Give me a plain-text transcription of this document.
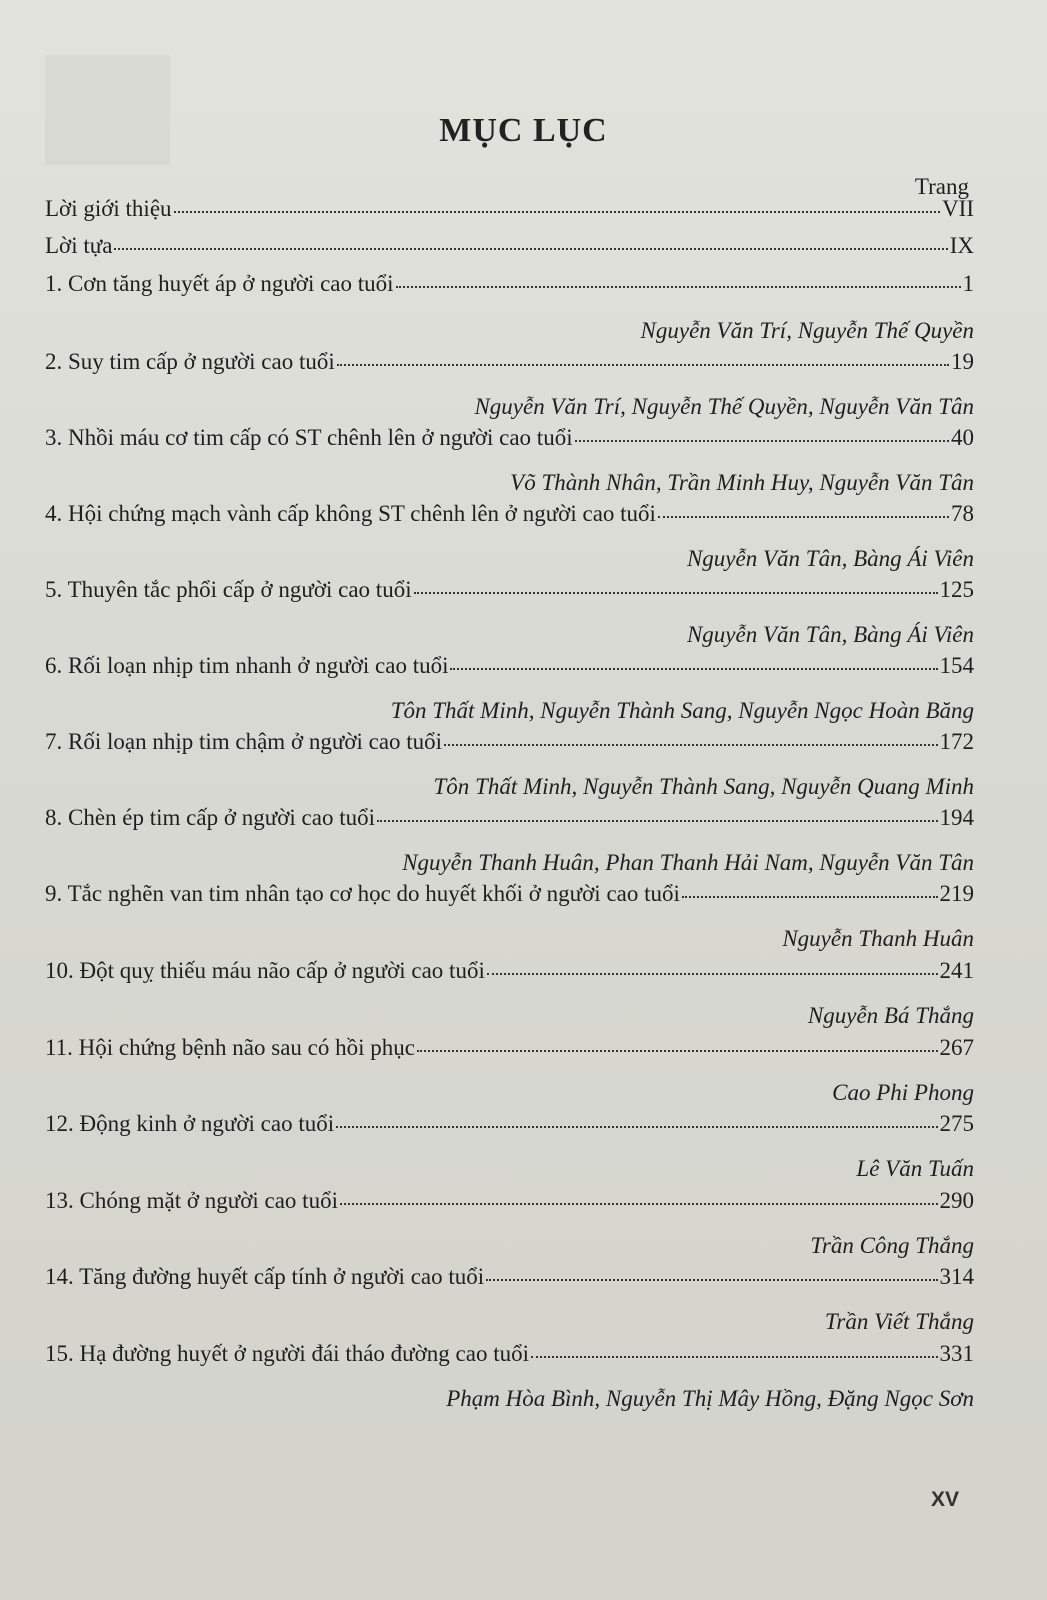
MỤC LỤC
Trang
Lời giới thiệu	VII
Lời tựa	IX
1. Cơn tăng huyết áp ở người cao tuổi	1
Nguyễn Văn Trí, Nguyễn Thế Quyền
2. Suy tim cấp ở người cao tuổi	19
Nguyễn Văn Trí, Nguyễn Thế Quyền, Nguyễn Văn Tân
3. Nhồi máu cơ tim cấp có ST chênh lên ở người cao tuổi	40
Võ Thành Nhân, Trần Minh Huy, Nguyễn Văn Tân
4. Hội chứng mạch vành cấp không ST chênh lên ở người cao tuổi	78
Nguyễn Văn Tân, Bàng Ái Viên
5. Thuyên tắc phổi cấp ở người cao tuổi	125
Nguyễn Văn Tân, Bàng Ái Viên
6. Rối loạn nhịp tim nhanh ở người cao tuổi	154
Tôn Thất Minh, Nguyễn Thành Sang, Nguyễn Ngọc Hoàn Băng
7. Rối loạn nhịp tim chậm ở người cao tuổi	172
Tôn Thất Minh, Nguyễn Thành Sang, Nguyễn Quang Minh
8. Chèn ép tim cấp ở người cao tuổi	194
Nguyễn Thanh Huân, Phan Thanh Hải Nam, Nguyễn Văn Tân
9. Tắc nghẽn van tim nhân tạo cơ học do huyết khối ở người cao tuổi	219
Nguyễn Thanh Huân
10. Đột quỵ thiếu máu não cấp ở người cao tuổi	241
Nguyễn Bá Thắng
11. Hội chứng bệnh não sau có hồi phục	267
Cao Phi Phong
12. Động kinh ở người cao tuổi	275
Lê Văn Tuấn
13. Chóng mặt ở người cao tuổi	290
Trần Công Thắng
14. Tăng đường huyết cấp tính ở người cao tuổi	314
Trần Viết Thắng
15. Hạ đường huyết ở người đái tháo đường cao tuổi	331
Phạm Hòa Bình, Nguyễn Thị Mây Hồng, Đặng Ngọc Sơn
XV
